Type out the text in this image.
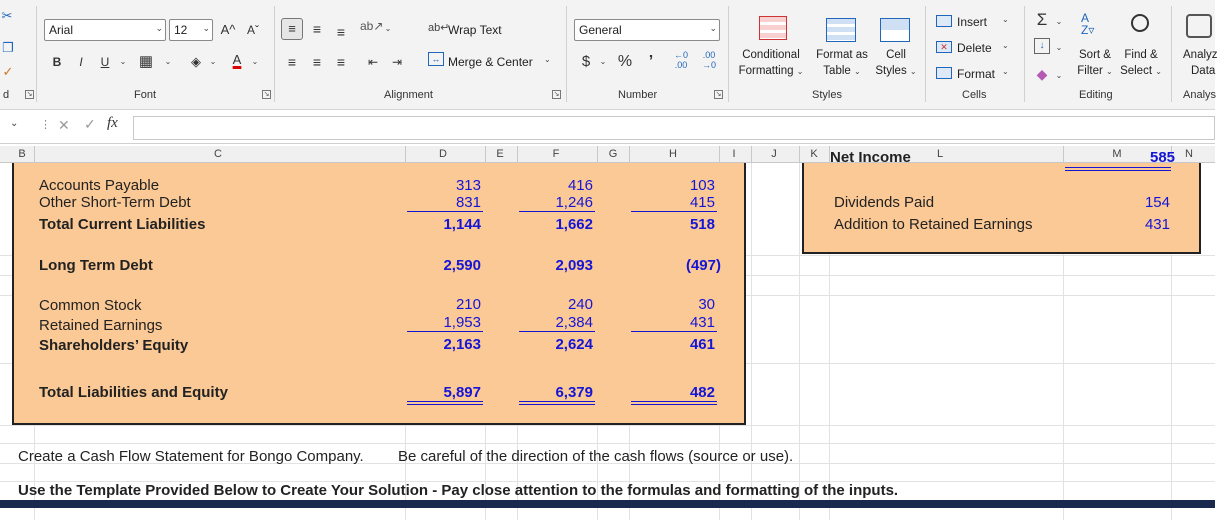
✂
❐
✓
d ↘
Arial	⌄ 12 ⌄ A^ Aˇ
B	I	U	⌄ ▦	⌄	◈	⌄	A	⌄
Font	↘
≡	≡	≡	ab↗ ⌄
≡	≡	≡	⇤	⇥
ab↵
Wrap Text
↔ Merge & Center ⌄
Alignment	↘
General	⌄
$ ⌄ % ’	←0
.00
.00
→0
Number	↘
Conditional
Formatting ⌄
Format as
Table ⌄
Cell
Styles ⌄
Styles
Insert ⌄
✕ Delete ⌄
Format ⌄
Cells
Σ	⌄
↓	⌄
◆	⌄
A
Z▿
Sort &
Filter ⌄
Find &
Select ⌄
Editing
Analyz
Data
Analys
⌄ ⋮ ✕ ✓ fx
B	C	D	E	F	G	H	I	J	K	L	M	N
Accounts Payable
Other Short-Term Debt
Total Current Liabilities
Long Term Debt
Common Stock
Retained Earnings
Shareholders’ Equity
Total Liabilities and Equity
313
831
1,144
2,590
210
1,953
2,163
5,897
416
1,246
1,662
2,093
240
2,384
2,624
6,379
103
415
518
(497)
30
431
461
482
Net Income	585
Dividends Paid	154
Addition to Retained Earnings	431
Create a Cash Flow Statement for Bongo Company. Be careful of the direction of the cash flows (source or use).
Use the Template Provided Below to Create Your Solution - Pay close attention to the formulas and formatting of the inputs.
